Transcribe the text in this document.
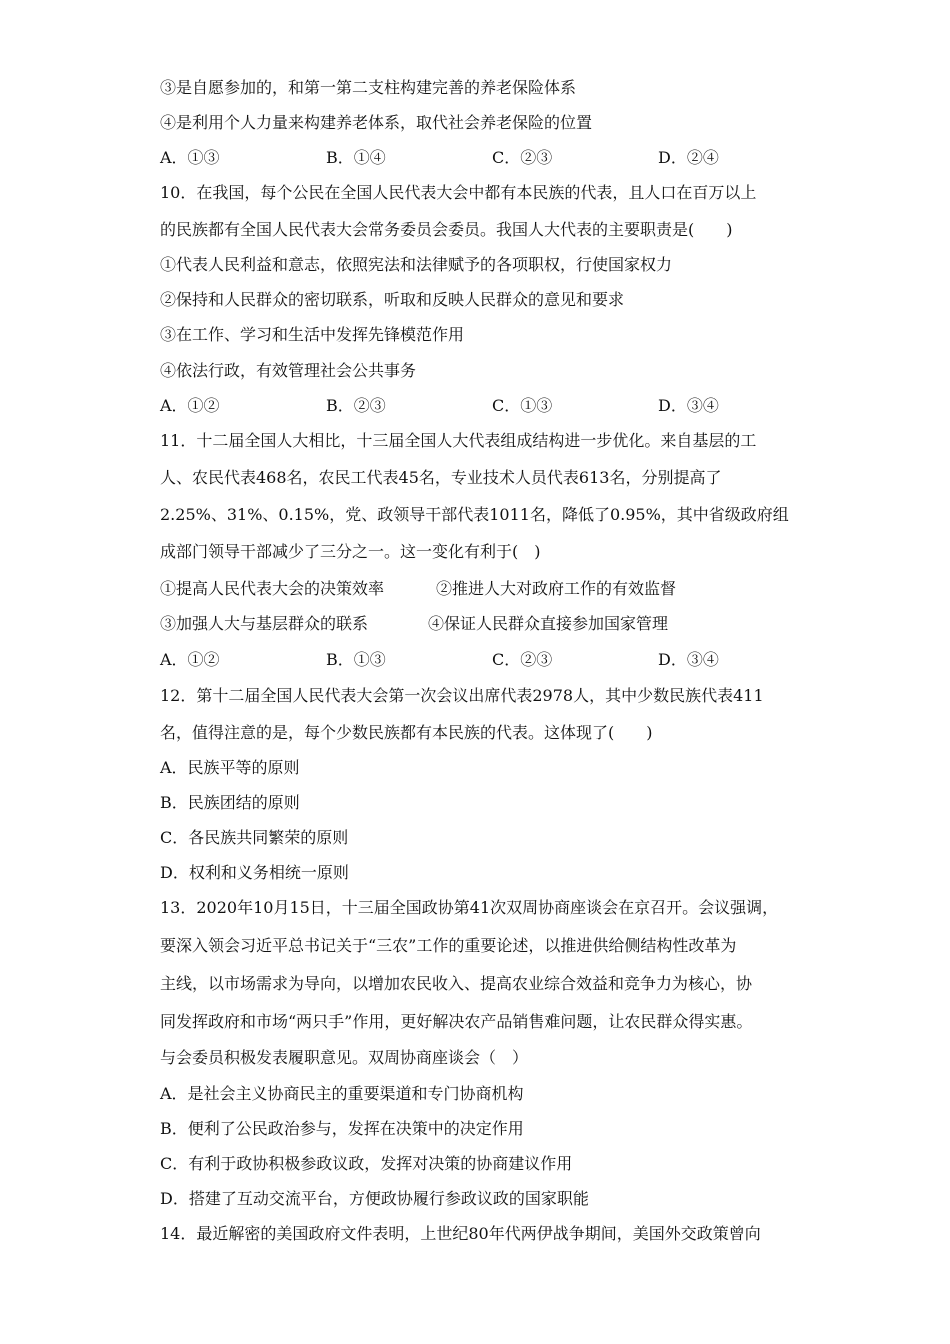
③是自愿参加的，和第一第二支柱构建完善的养老保险体系
④是利用个人力量来构建养老体系，取代社会养老保险的位置
A．①③	B．①④	C．②③	D．②④
10．在我国，每个公民在全国人民代表大会中都有本民族的代表，且人口在百万以上
的民族都有全国人民代表大会常务委员会委员。我国人大代表的主要职责是(　　)
①代表人民利益和意志，依照宪法和法律赋予的各项职权，行使国家权力
②保持和人民群众的密切联系，听取和反映人民群众的意见和要求
③在工作、学习和生活中发挥先锋模范作用
④依法行政，有效管理社会公共事务
A．①②	B．②③	C．①③	D．③④
11．十二届全国人大相比，十三届全国人大代表组成结构进一步优化。来自基层的工
人、农民代表468名，农民工代表45名，专业技术人员代表613名，分别提高了
2.25%、31%、0.15%，党、政领导干部代表1011名，降低了0.95%，其中省级政府组
成部门领导干部减少了三分之一。这一变化有利于(　)
①提高人民代表大会的决策效率	②推进人大对政府工作的有效监督
③加强人大与基层群众的联系	④保证人民群众直接参加国家管理
A．①②	B．①③	C．②③	D．③④
12．第十二届全国人民代表大会第一次会议出席代表2978人，其中少数民族代表411
名，值得注意的是，每个少数民族都有本民族的代表。这体现了(　　)
A．民族平等的原则
B．民族团结的原则
C．各民族共同繁荣的原则
D．权利和义务相统一原则
13．2020年10月15日，十三届全国政协第41次双周协商座谈会在京召开。会议强调，
要深入领会习近平总书记关于“三农”工作的重要论述，以推进供给侧结构性改革为
主线，以市场需求为导向，以增加农民收入、提高农业综合效益和竞争力为核心，协
同发挥政府和市场“两只手”作用，更好解决农产品销售难问题，让农民群众得实惠。
与会委员积极发表履职意见。双周协商座谈会（　）
A．是社会主义协商民主的重要渠道和专门协商机构
B．便利了公民政治参与，发挥在决策中的决定作用
C．有利于政协积极参政议政，发挥对决策的协商建议作用
D．搭建了互动交流平台，方便政协履行参政议政的国家职能
14．最近解密的美国政府文件表明，上世纪80年代两伊战争期间，美国外交政策曾向
